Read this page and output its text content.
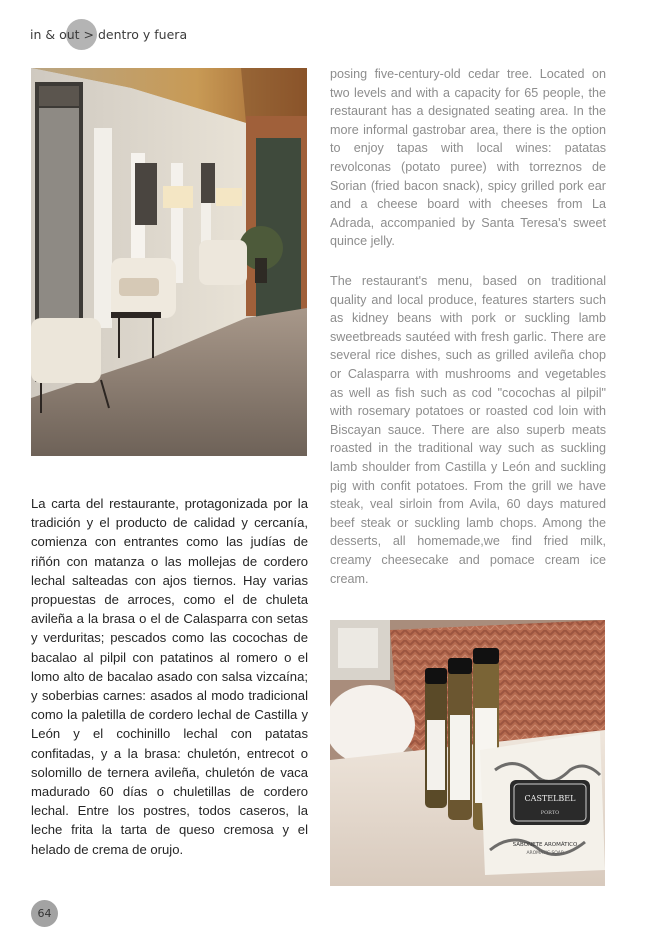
in & out > dentro y fuera

posing five-century-old cedar tree. Located on two levels and with a capacity for 65 people, the restaurant has a designated seating area. In the more informal gastrobar area, there is the option to enjoy tapas with local wines: patatas revolconas (potato puree) with torreznos de Sorian (fried bacon snack), spicy grilled pork ear and a cheese board with cheeses from La Adrada, accompanied by Santa Teresa's sweet quince jelly.

The restaurant's menu, based on traditional quality and local produce, features starters such as kidney beans with pork or suckling lamb sweetbreads sautéed with fresh garlic. There are several rice dishes, such as grilled avileña chop or Calasparra with mushrooms and vegetables as well as fish such as cod "cocochas al pilpil" with rosemary potatoes or roasted cod loin with Biscayan sauce. There are also superb meats roasted in the traditional way such as suckling lamb shoulder from Castilla y León and suckling pig with confit potatoes. From the grill we have steak, veal sirloin from Avila, 60 days matured beef steak or suckling lamb chops. Among the desserts, all homemade,we find fried milk, creamy cheesecake and pomace cream ice cream.

La carta del restaurante, protagonizada por la tradición y el producto de calidad y cercanía, comienza con entrantes como las judías de riñón con matanza o las mollejas de cordero lechal salteadas con ajos tiernos. Hay varias propuestas de arroces, como el de chuleta avileña a la brasa o el de Calasparra con setas y verduritas; pescados como las cocochas de bacalao al pilpil con patatinos al romero o el lomo alto de bacalao asado con salsa vizcaína; y soberbias carnes: asados al modo tradicional como la paletilla de cordero lechal de Castilla y León y el cochinillo lechal con patatas confitadas, y a la brasa: chuletón, entrecot o solomillo de ternera avileña, chuletón de vaca madurado 60 días o chuletillas de cordero lechal. Entre los postres, todos caseros, la leche frita la tarta de queso cremosa y el helado de crema de orujo.

CASTELBEL
PORTO
SABONETE AROMÁTICO
AROMATIC SOAP
64
